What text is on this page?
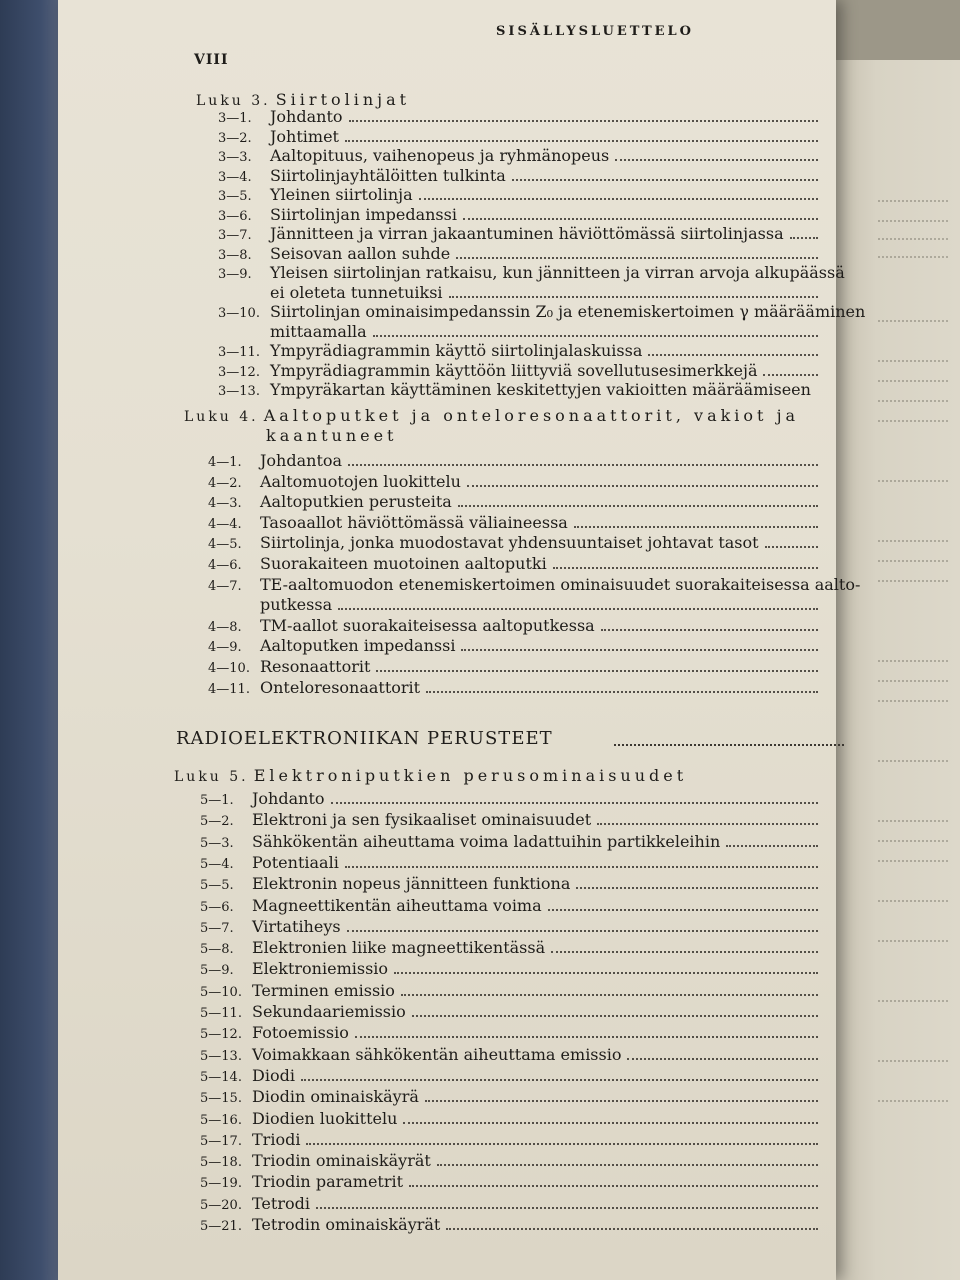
VIII
SISÄLLYSLUETTELO
Luku 3. Siirtolinjat
3—1. Johdanto
3—2. Johtimet
3—3. Aaltopituus, vaihenopeus ja ryhmänopeus
3—4. Siirtolinjayhtälöitten tulkinta
3—5. Yleinen siirtolinja
3—6. Siirtolinjan impedanssi
3—7. Jännitteen ja virran jakaantuminen häviöttömässä siirtolinjassa
3—8. Seisovan aallon suhde
3—9. Yleisen siirtolinjan ratkaisu, kun jännitteen ja virran arvoja alkupäässä
ei oleteta tunnetuiksi
3—10. Siirtolinjan ominaisimpedanssin Z₀ ja etenemiskertoimen γ määrääminen
mittaamalla
3—11. Ympyrädiagrammin käyttö siirtolinjalaskuissa
3—12. Ympyrädiagrammin käyttöön liittyviä sovellutusesimerkkejä
3—13. Ympyräkartan käyttäminen keskitettyjen vakioitten määräämiseen
Luku 4. Aaltoputket ja onteloresonaattorit, vakiot ja
kaantuneet
4—1. Johdantoa
4—2. Aaltomuotojen luokittelu
4—3. Aaltoputkien perusteita
4—4. Tasoaallot häviöttömässä väliaineessa
4—5. Siirtolinja, jonka muodostavat yhdensuuntaiset johtavat tasot
4—6. Suorakaiteen muotoinen aaltoputki
4—7. TE-aaltomuodon etenemiskertoimen ominaisuudet suorakaiteisessa aalto-
putkessa
4—8. TM-aallot suorakaiteisessa aaltoputkessa
4—9. Aaltoputken impedanssi
4—10. Resonaattorit
4—11. Onteloresonaattorit
RADIOELEKTRONIIKAN PERUSTEET
Luku 5. Elektroniputkien perusominaisuudet
5—1. Johdanto
5—2. Elektroni ja sen fysikaaliset ominaisuudet
5—3. Sähkökentän aiheuttama voima ladattuihin partikkeleihin
5—4. Potentiaali
5—5. Elektronin nopeus jännitteen funktiona
5—6. Magneettikentän aiheuttama voima
5—7. Virtatiheys
5—8. Elektronien liike magneettikentässä
5—9. Elektroniemissio
5—10. Terminen emissio
5—11. Sekundaariemissio
5—12. Fotoemissio
5—13. Voimakkaan sähkökentän aiheuttama emissio
5—14. Diodi
5—15. Diodin ominaiskäyrä
5—16. Diodien luokittelu
5—17. Triodi
5—18. Triodin ominaiskäyrät
5—19. Triodin parametrit
5—20. Tetrodi
5—21. Tetrodin ominaiskäyrät
